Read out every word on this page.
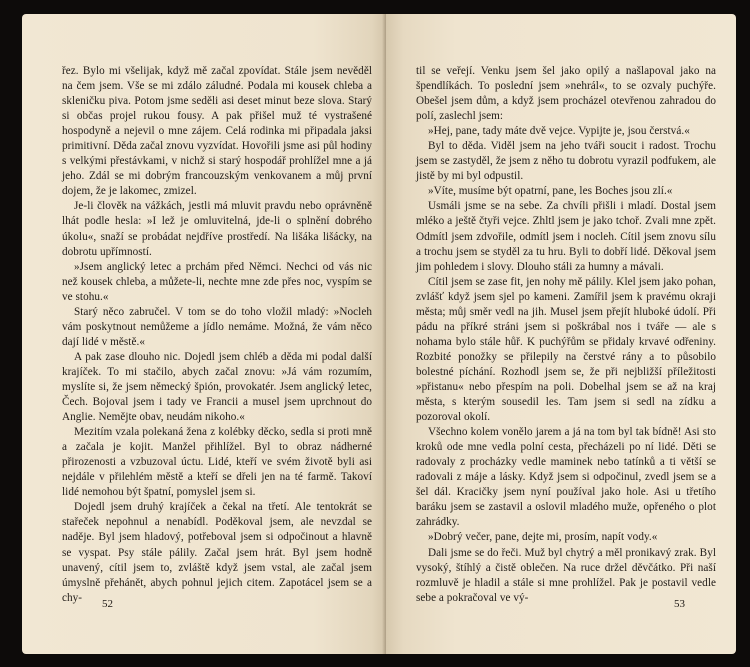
řez. Bylo mi všelijak, když mě začal zpovídat. Stále jsem nevěděl na čem jsem. Vše se mi zdálo záludné. Podala mi kousek chleba a skleničku piva. Potom jsme seděli asi deset minut beze slova. Starý si občas projel rukou fousy. A pak přišel muž té vystrašené hospodyně a nejevil o mne zájem. Celá rodinka mi připadala jaksi primitivní. Děda začal znovu vyzvídat. Hovořili jsme asi půl hodiny s velkými přestávkami, v nichž si starý hospodář prohlížel mne a já jeho. Zdál se mi dobrým francouzským venkovanem a můj první dojem, že je lakomec, zmizel.

Je-li člověk na vážkách, jestli má mluvit pravdu nebo oprávněně lhát podle hesla: »I lež je omluvitelná, jde-li o splnění dobrého úkolu«, snaží se probádat nejdříve prostředí. Na lišáka lišácky, na dobrotu upřímností.

»Jsem anglický letec a prchám před Němci. Nechci od vás nic než kousek chleba, a můžete-li, nechte mne zde přes noc, vyspím se ve stohu.«

Starý něco zabručel. V tom se do toho vložil mladý: »Nocleh vám poskytnout nemůžeme a jídlo nemáme. Možná, že vám něco dají lidé v městě.«

A pak zase dlouho nic. Dojedl jsem chléb a děda mi podal další krajíček. To mi stačilo, abych začal znovu: »Já vám rozumím, myslíte si, že jsem německý špión, provokatér. Jsem anglický letec, Čech. Bojoval jsem i tady ve Francii a musel jsem uprchnout do Anglie. Nemějte obav, neudám nikoho.«

Mezitím vzala polekaná žena z kolébky děcko, sedla si proti mně a začala je kojit. Manžel přihlížel. Byl to obraz nádherné přirozenosti a vzbuzoval úctu. Lidé, kteří ve svém životě byli asi nejdále v přilehlém městě a kteří se dřeli jen na té farmě. Takoví lidé nemohou být špatní, pomyslel jsem si.

Dojedl jsem druhý krajíček a čekal na třetí. Ale tentokrát se stařeček nepohnul a nenabídl. Poděkoval jsem, ale nevzdal se naděje. Byl jsem hladový, potřeboval jsem si odpočinout a hlavně se vyspat. Psy stále pálily. Začal jsem hrát. Byl jsem hodně unavený, cítil jsem to, zvláště když jsem vstal, ale začal jsem úmyslně přehánět, abych pohnul jejich citem. Zapotácel jsem se a chy-

52

til se veřejí. Venku jsem šel jako opilý a našlapoval jako na špendlíkách. To poslední jsem »nehrál«, to se ozvaly puchýře. Obešel jsem dům, a když jsem procházel otevřenou zahradou do polí, zaslechl jsem:

»Hej, pane, tady máte dvě vejce. Vypijte je, jsou čerstvá.«

Byl to děda. Viděl jsem na jeho tváři soucit i radost. Trochu jsem se zastyděl, že jsem z něho tu dobrotu vyrazil podfukem, ale jistě by mi byl odpustil.

»Víte, musíme být opatrní, pane, les Boches jsou zlí.«

Usmáli jsme se na sebe. Za chvíli přišli i mladí. Dostal jsem mléko a ještě čtyři vejce. Zhltl jsem je jako tchoř. Zvali mne zpět. Odmítl jsem zdvořile, odmítl jsem i nocleh. Cítil jsem znovu sílu a trochu jsem se styděl za tu hru. Byli to dobří lidé. Děkoval jsem jim pohledem i slovy. Dlouho stáli za humny a mávali.

Cítil jsem se zase fit, jen nohy mě pálily. Klel jsem jako pohan, zvlášť když jsem sjel po kameni. Zamířil jsem k pravému okraji města; můj směr vedl na jih. Musel jsem přejít hluboké údolí. Při pádu na příkré stráni jsem si poškrábal nos i tváře — ale s nohama bylo stále hůř. K puchýřům se přidaly krvavé odřeniny. Rozbité ponožky se přilepily na čerstvé rány a to působilo bolestné píchání. Rozhodl jsem se, že při nejbližší příležitosti »přistanu« nebo přespím na poli. Dobelhal jsem se až na kraj města, s kterým sousedil les. Tam jsem si sedl na zídku a pozoroval okolí.

Všechno kolem vonělo jarem a já na tom byl tak bídně! Asi sto kroků ode mne vedla polní cesta, přecházeli po ní lidé. Děti se radovaly z procházky vedle maminek nebo tatínků a ti větší se radovali z máje a lásky. Když jsem si odpočinul, zvedl jsem se a šel dál. Kracičky jsem nyní používal jako hole. Asi u třetího baráku jsem se zastavil a oslovil mladého muže, opřeného o plot zahrádky.

»Dobrý večer, pane, dejte mi, prosím, napít vody.«

Dali jsme se do řeči. Muž byl chytrý a měl pronikavý zrak. Byl vysoký, štíhlý a čistě oblečen. Na ruce držel děvčátko. Při naší rozmluvě je hladil a stále si mne prohlížel. Pak je postavil vedle sebe a pokračoval ve vý-

53
